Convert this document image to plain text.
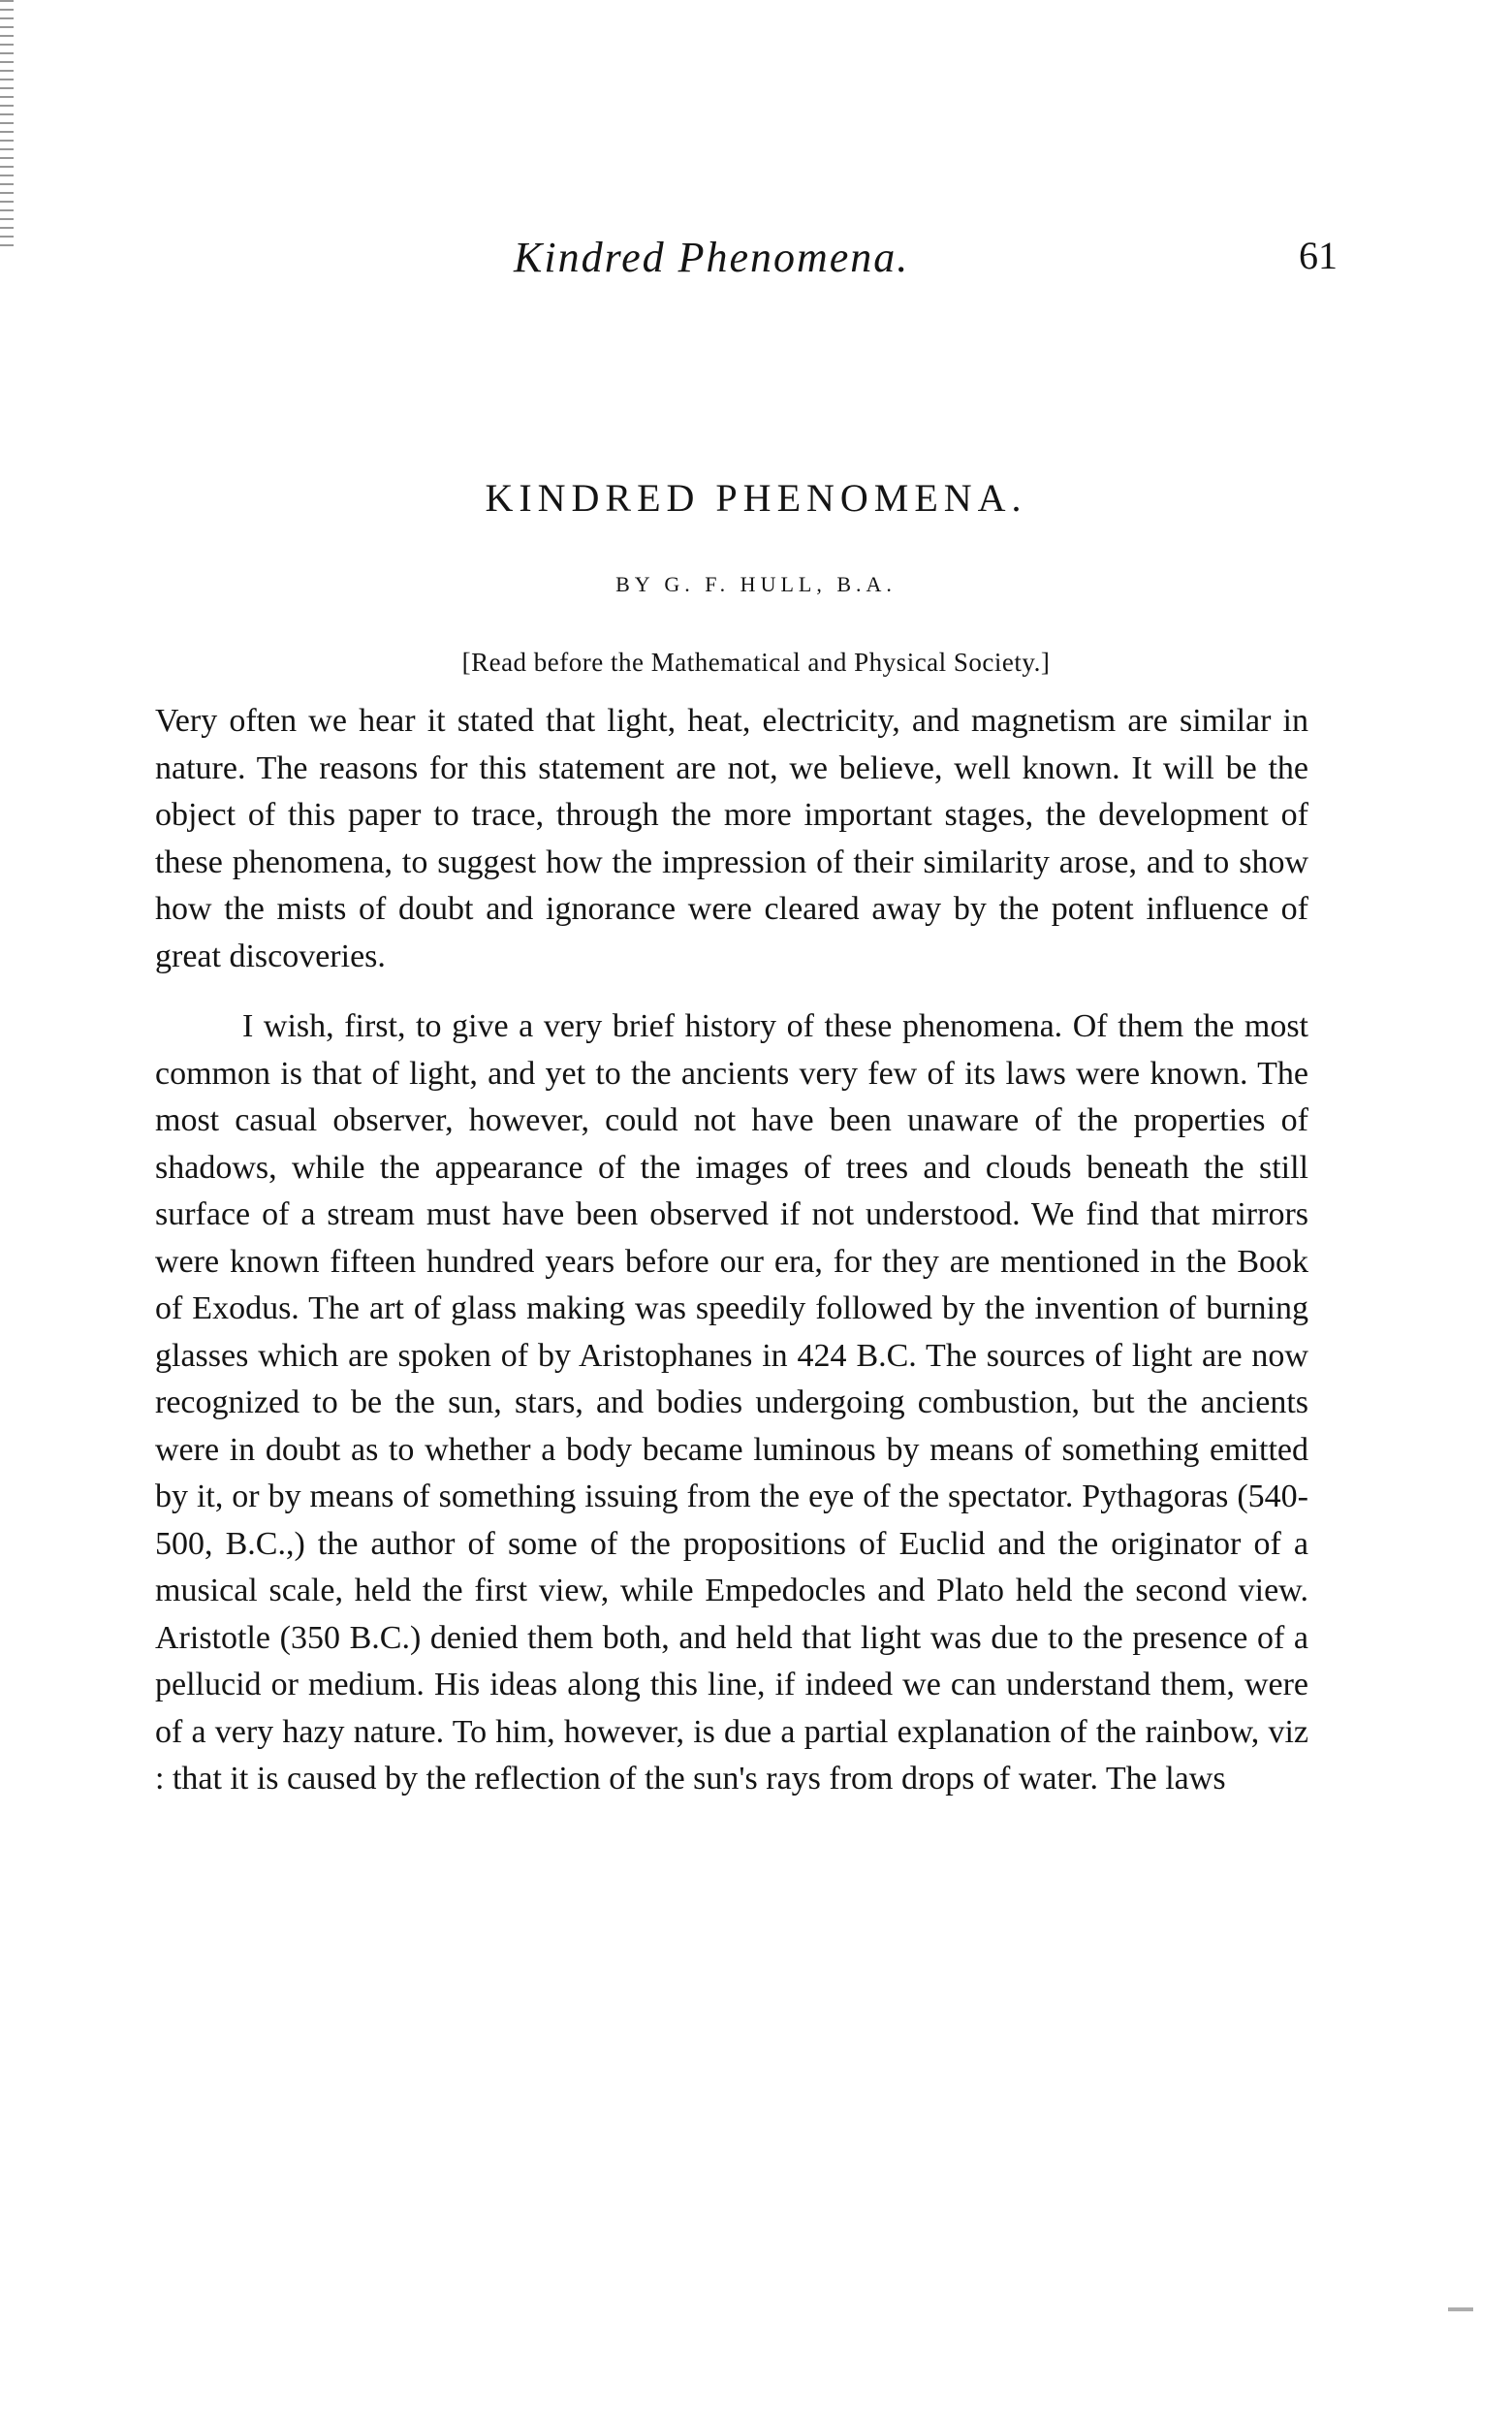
Kindred Phenomena.	61
KINDRED PHENOMENA.
BY G. F. HULL, B.A.
[Read before the Mathematical and Physical Society.]

Very often we hear it stated that light, heat, electricity, and magnetism are similar in nature. The reasons for this statement are not, we believe, well known. It will be the object of this paper to trace, through the more important stages, the development of these phenomena, to suggest how the impression of their similarity arose, and to show how the mists of doubt and ignorance were cleared away by the potent influence of great discoveries.

I wish, first, to give a very brief history of these phenomena. Of them the most common is that of light, and yet to the ancients very few of its laws were known. The most casual observer, however, could not have been unaware of the properties of shadows, while the appearance of the images of trees and clouds beneath the still surface of a stream must have been observed if not understood. We find that mirrors were known fifteen hundred years before our era, for they are mentioned in the Book of Exodus. The art of glass making was speedily followed by the invention of burning glasses which are spoken of by Aristophanes in 424 B.C. The sources of light are now recognized to be the sun, stars, and bodies undergoing combustion, but the ancients were in doubt as to whether a body became luminous by means of something emitted by it, or by means of something issuing from the eye of the spectator. Pythagoras (540-500, B.C.,) the author of some of the propositions of Euclid and the originator of a musical scale, held the first view, while Empedocles and Plato held the second view. Aristotle (350 B.C.) denied them both, and held that light was due to the presence of a pellucid or medium. His ideas along this line, if indeed we can understand them, were of a very hazy nature. To him, however, is due a partial explanation of the rainbow, viz : that it is caused by the reflection of the sun's rays from drops of water. The laws
